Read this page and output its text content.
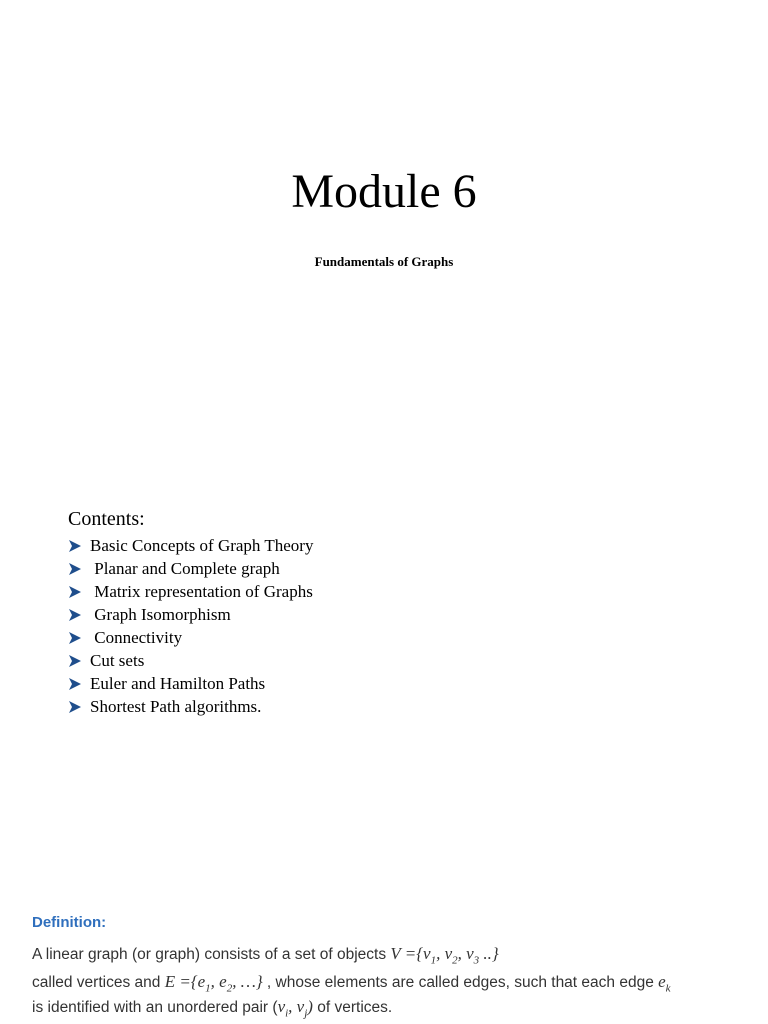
Module 6
Fundamentals of Graphs
Contents:
Basic Concepts of Graph Theory
Planar and Complete graph
Matrix representation of Graphs
Graph Isomorphism
Connectivity
Cut sets
Euler and Hamilton Paths
Shortest Path algorithms.
Definition:
A linear graph (or graph) consists of a set of objects $V =\{v_1$, $v_2$, $v_3$ ..}
called vertices and $E =\{e_1$, $e_2$, …} , whose elements are called edges, such that each edge $e_k$
is identified with an unordered pair ($v_i$, $v_j$) of vertices.
